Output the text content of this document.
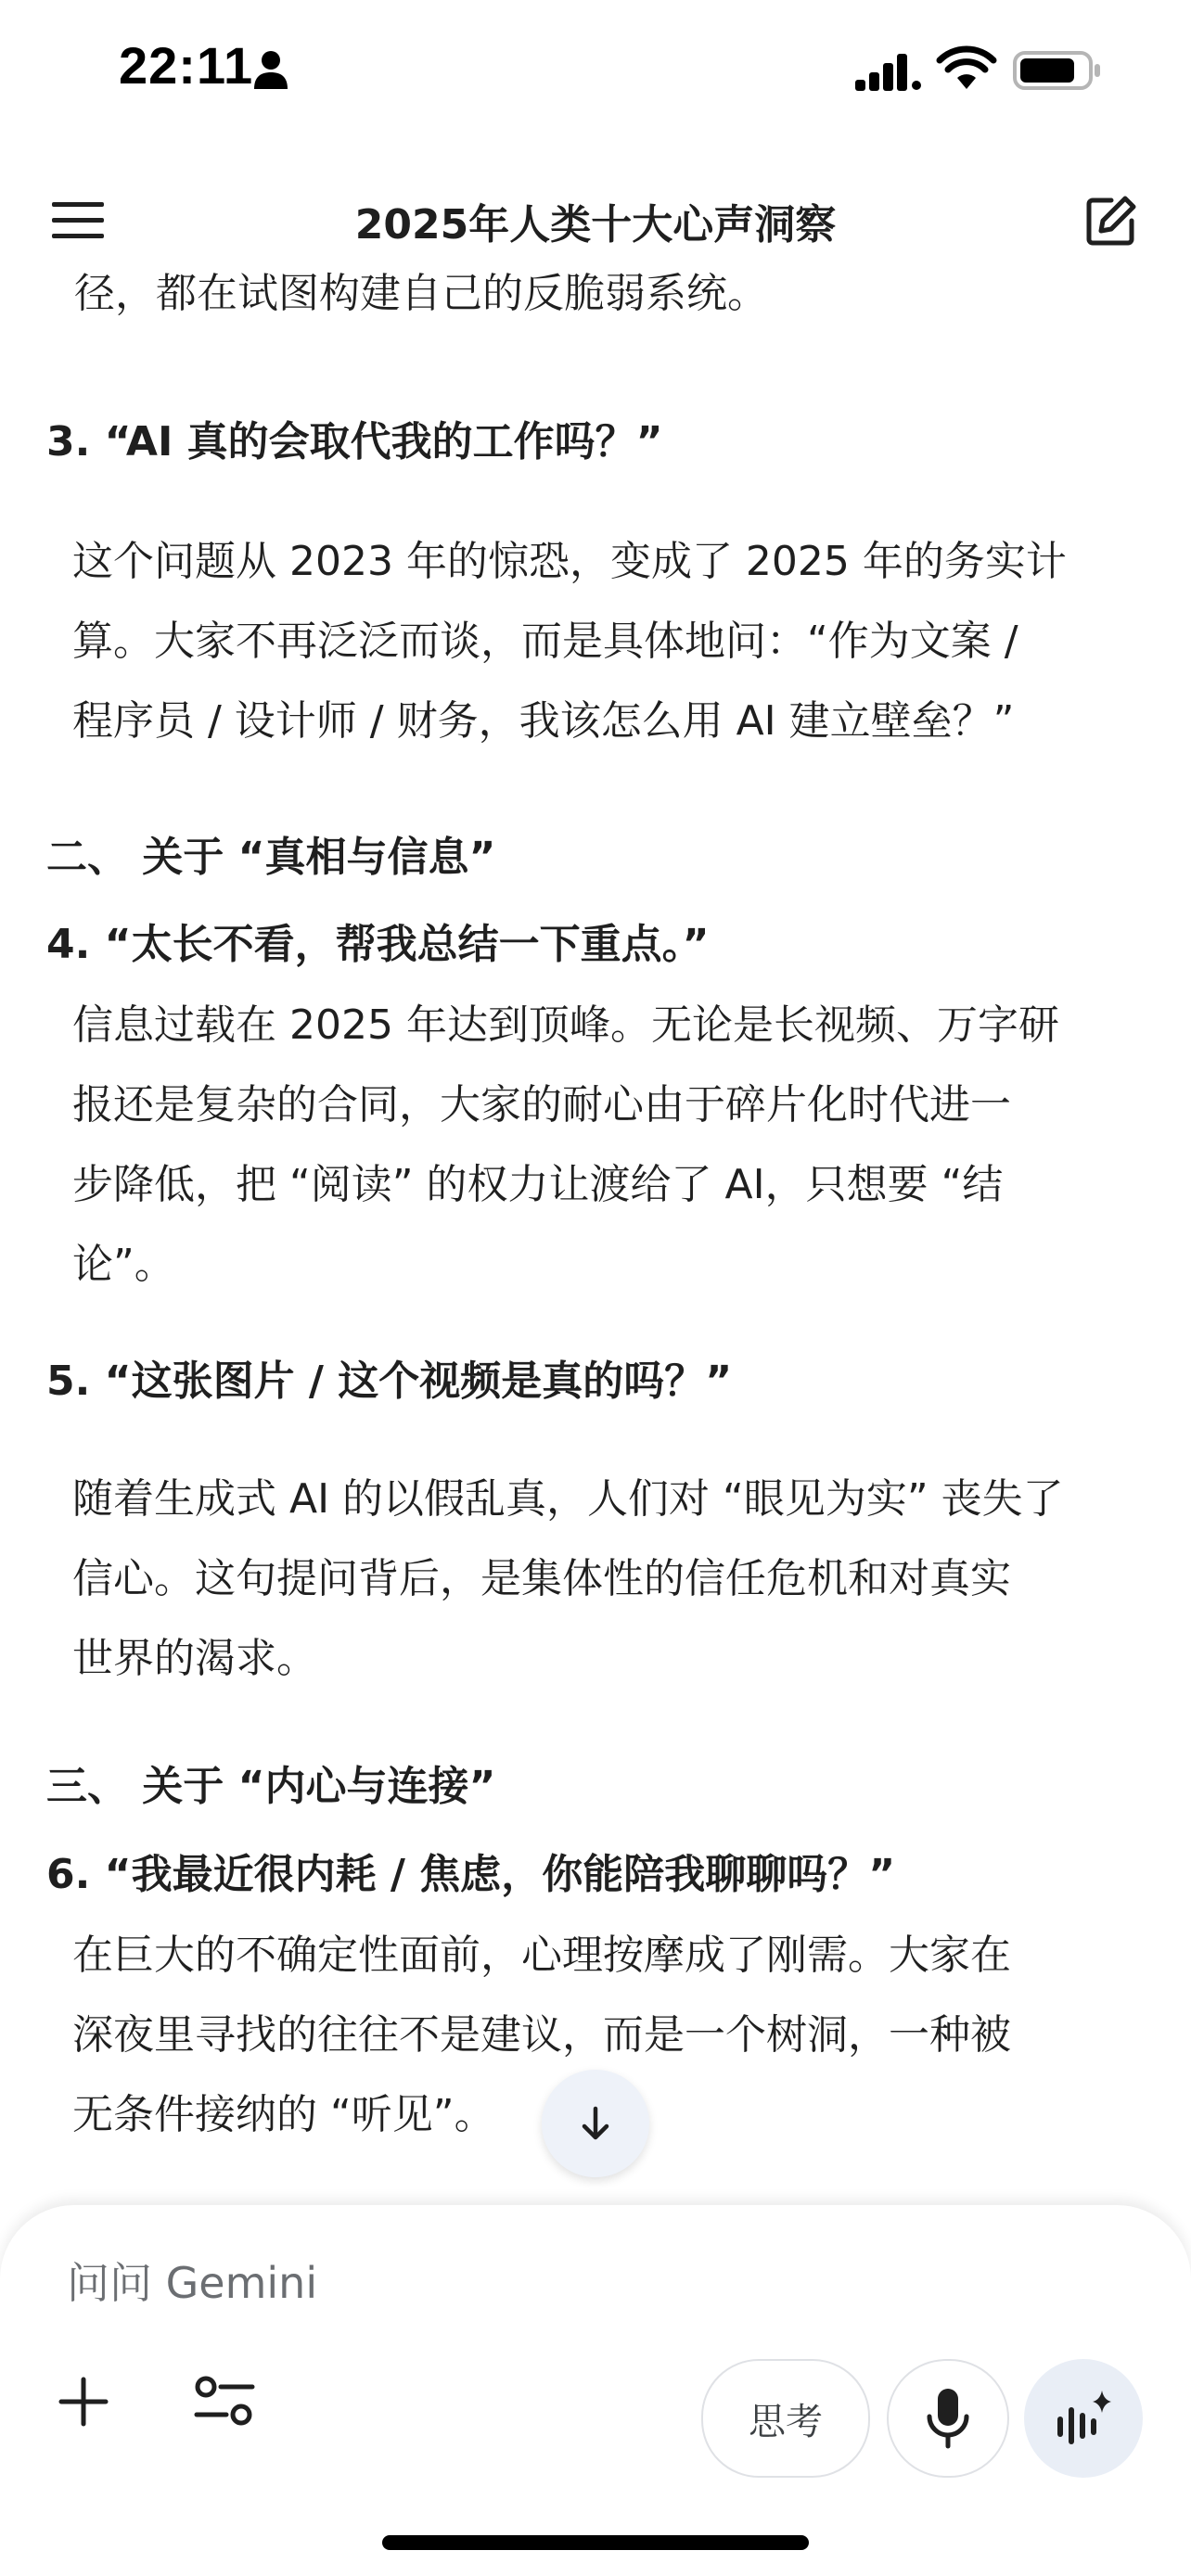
22:11
2025年人类十大心声洞察
径，都在试图构建自己的反脆弱系统。
3. “AI 真的会取代我的工作吗？”
这个问题从 2023 年的惊恐，变成了 2025 年的务实计
算。大家不再泛泛而谈，而是具体地问：“作为文案 /
程序员 / 设计师 / 财务，我该怎么用 AI 建立壁垒？”
二、 关于 “真相与信息”
4. “太长不看，帮我总结一下重点。”
信息过载在 2025 年达到顶峰。无论是长视频、万字研
报还是复杂的合同，大家的耐心由于碎片化时代进一
步降低，把 “阅读” 的权力让渡给了 AI，只想要 “结
论”。
5. “这张图片 / 这个视频是真的吗？”
随着生成式 AI 的以假乱真，人们对 “眼见为实” 丧失了
信心。这句提问背后，是集体性的信任危机和对真实
世界的渴求。
三、 关于 “内心与连接”
6. “我最近很内耗 / 焦虑，你能陪我聊聊吗？”
在巨大的不确定性面前，心理按摩成了刚需。大家在
深夜里寻找的往往不是建议，而是一个树洞，一种被
无条件接纳的 “听见”。
问问 Gemini
思考
